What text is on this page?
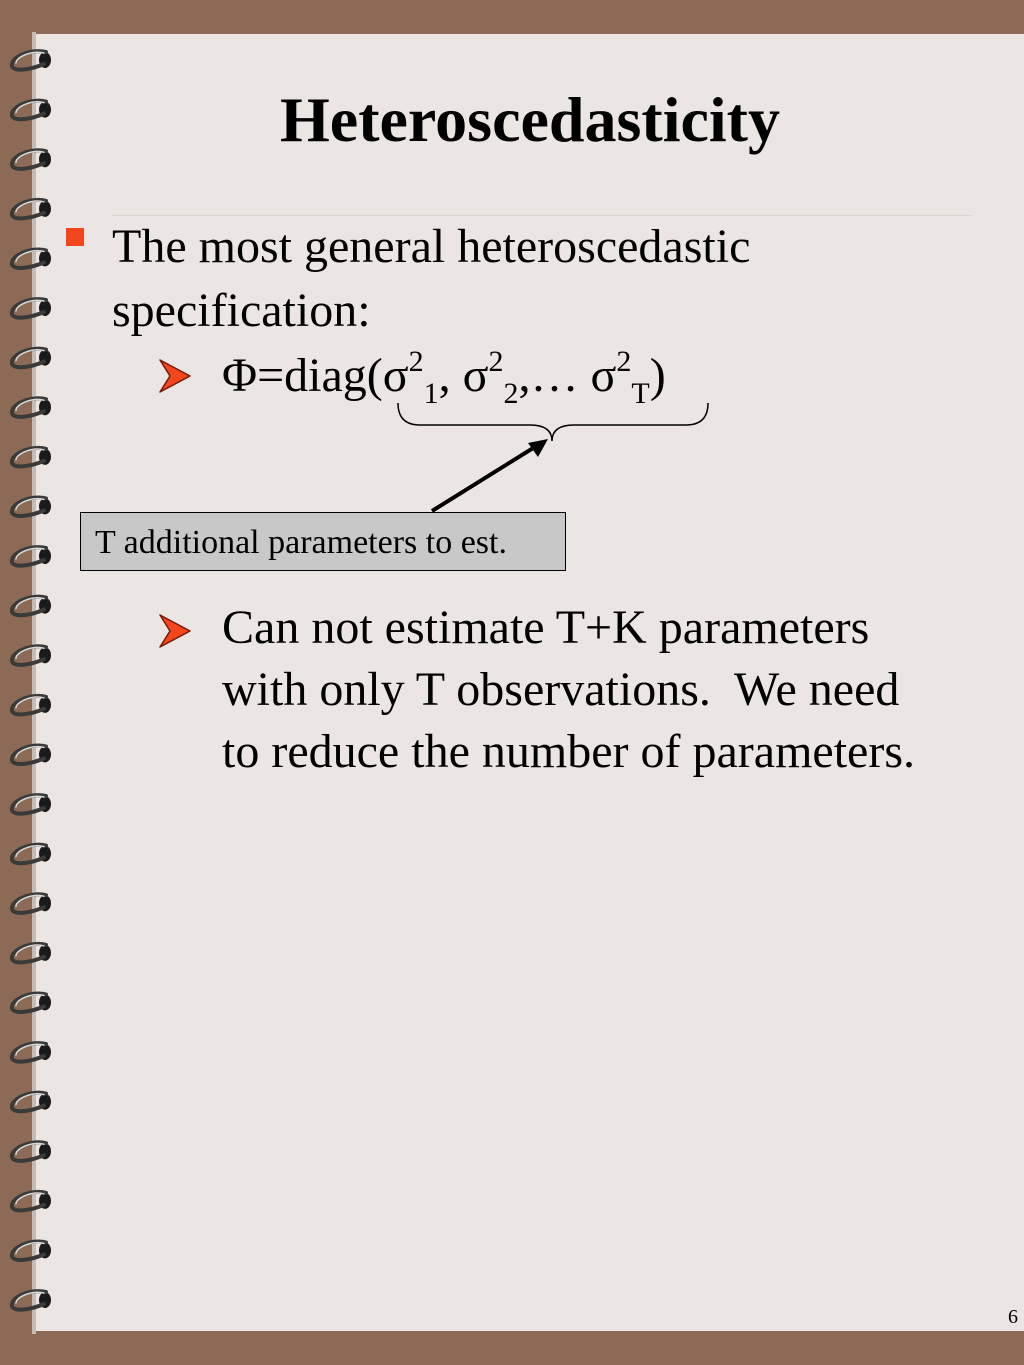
Heteroscedasticity
The most general heteroscedastic specification:
$\Phi=diag(\sigma^2_1$, $\sigma^2_2,\dots$ $\sigma^2_T$)
T additional parameters to est.
Can not estimate T+K parameters
with only T observations.  We need
to reduce the number of parameters.
6
